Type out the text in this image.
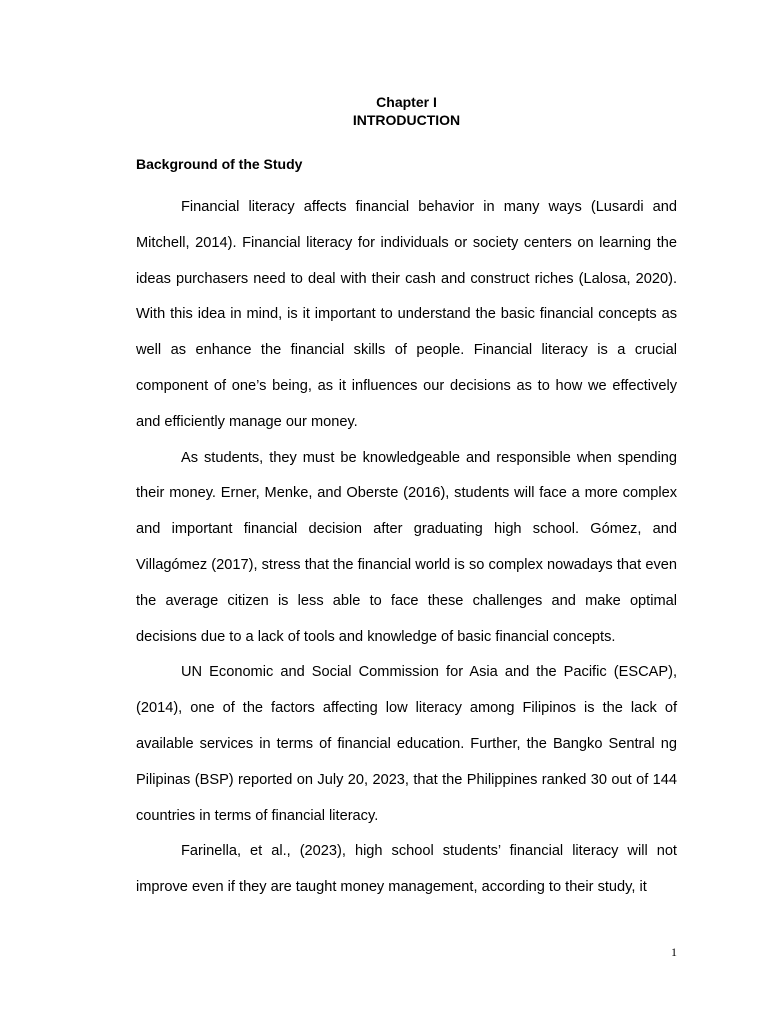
Chapter I
INTRODUCTION
Background of the Study

Financial literacy affects financial behavior in many ways (Lusardi and Mitchell, 2014). Financial literacy for individuals or society centers on learning the ideas purchasers need to deal with their cash and construct riches (Lalosa, 2020). With this idea in mind, is it important to understand the basic financial concepts as well as enhance the financial skills of people. Financial literacy is a crucial component of one’s being, as it influences our decisions as to how we effectively and efficiently manage our money.

As students, they must be knowledgeable and responsible when spending their money. Erner, Menke, and Oberste (2016), students will face a more complex and important financial decision after graduating high school. Gómez, and Villagómez (2017), stress that the financial world is so complex nowadays that even the average citizen is less able to face these challenges and make optimal decisions due to a lack of tools and knowledge of basic financial concepts.

UN Economic and Social Commission for Asia and the Pacific (ESCAP), (2014), one of the factors affecting low literacy among Filipinos is the lack of available services in terms of financial education. Further, the Bangko Sentral ng Pilipinas (BSP) reported on July 20, 2023, that the Philippines ranked 30 out of 144 countries in terms of financial literacy.

Farinella, et al., (2023), high school students’ financial literacy will not improve even if they are taught money management, according to their study, it

1
